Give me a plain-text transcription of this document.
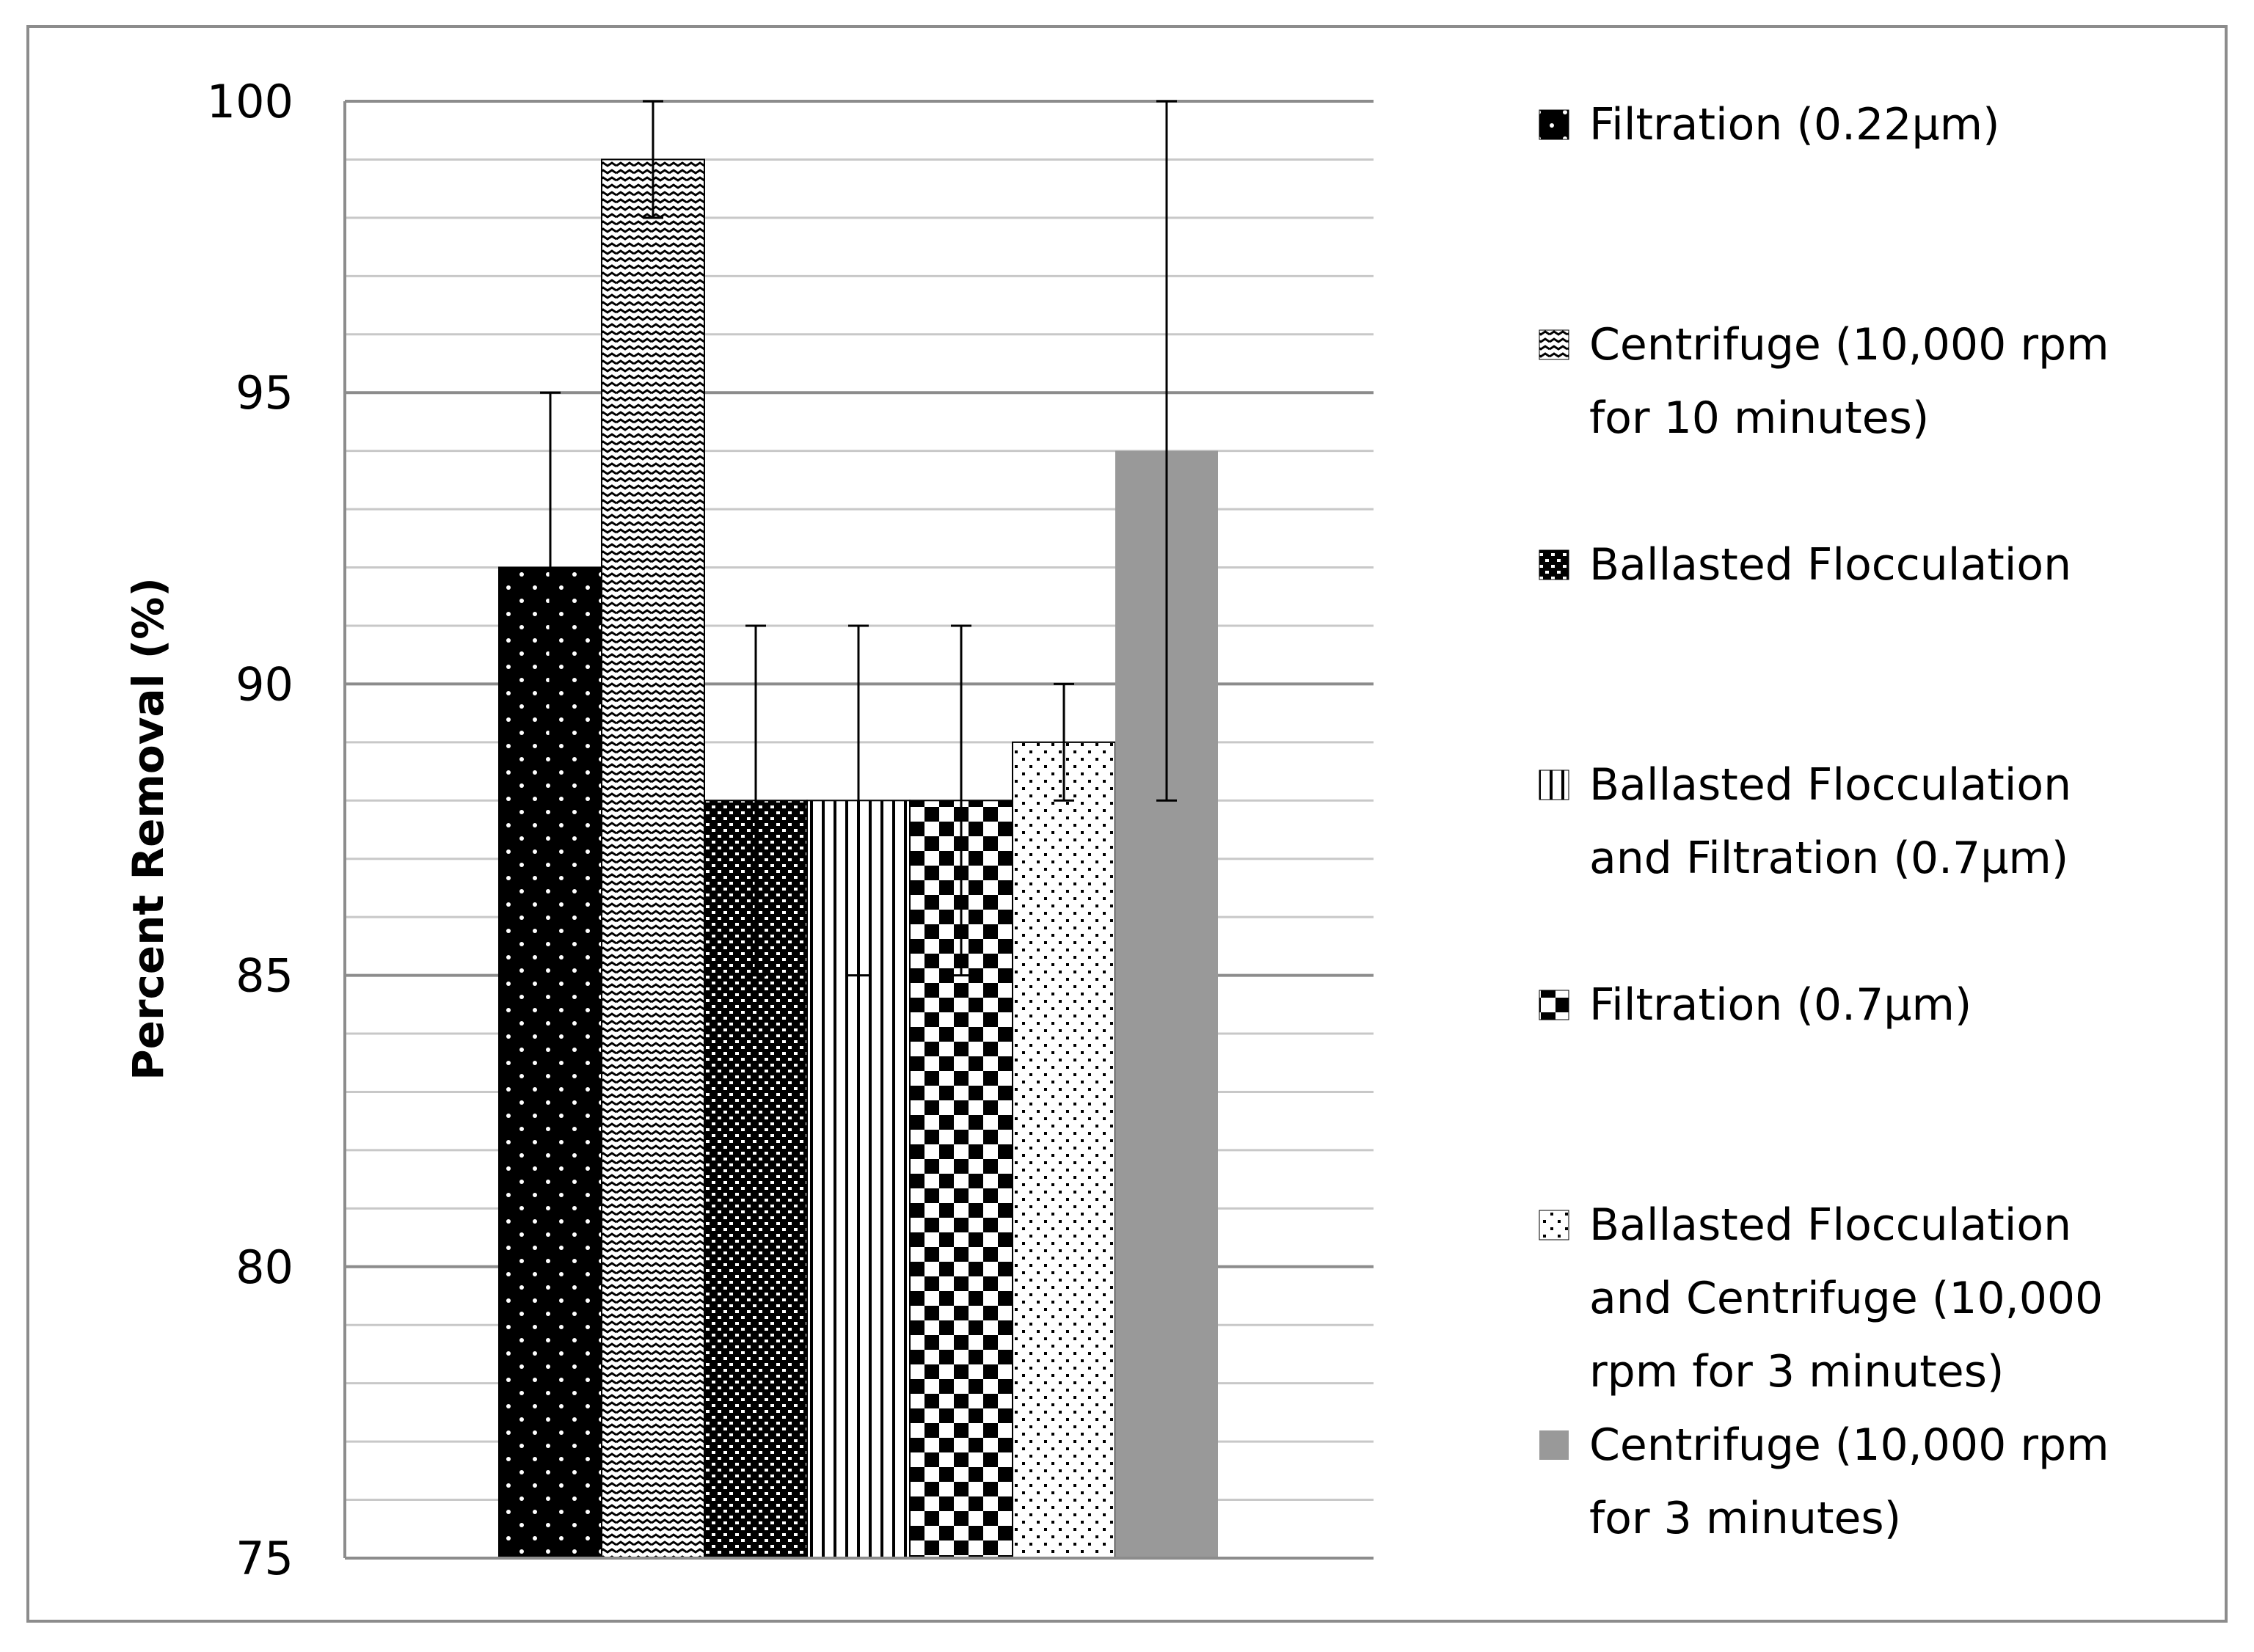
75
80
85
90
95
100
Percent Removal (%)
Filtration (0.22µm)
Centrifuge (10,000 rpm
for 10 minutes)
Ballasted Flocculation
Ballasted Flocculation
and Filtration (0.7µm)
Filtration (0.7µm)
Ballasted Flocculation
and Centrifuge (10,000
rpm for 3 minutes)
Centrifuge (10,000 rpm
for 3 minutes)
